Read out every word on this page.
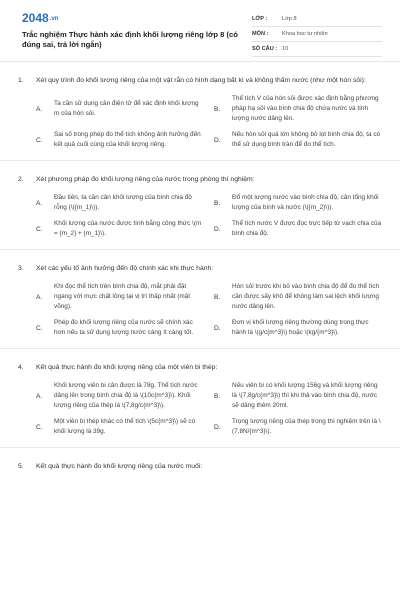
2048.vn
Trắc nghiệm Thực hành xác định khối lượng riêng lớp 8 (có đúng sai, trả lời ngắn)
LỚP :	Lớp 8
MÔN :	Khoa học tự nhiên
SỐ CÂU : 10
1.	Xét quy trình đo khối lượng riêng của một vật rắn có hình dạng bất kì và không thấm nước (như một hòn sỏi):
A.
Ta cần sử dụng cân điện tử để xác định khối lượng m của hòn sỏi.
B.
Thể tích V của hòn sỏi được xác định bằng phương pháp hạ sỏi vào bình chia độ chứa nước và tính lượng nước dâng lên.
C.
Sai số trong phép đo thể tích không ảnh hưởng đến kết quả cuối cùng của khối lượng riêng.
D.
Nếu hòn sỏi quá lớn không bỏ lọt bình chia độ, ta có thể sử dụng bình tràn để đo thể tích.
2.	Xét phương pháp đo khối lượng riêng của nước trong phòng thí nghiệm:
A.
Đầu tiên, ta cần cân khối lượng của bình chia độ rỗng (\({m_1}\)).
B.
Đổ một lượng nước vào bình chia độ, cân tổng khối lượng của bình và nước (\({m_2}\)).
C.
Khối lượng của nước được tính bằng công thức \(m = {m_2} + {m_1}\).
D.
Thể tích nước V được đọc trực tiếp từ vạch chia của bình chia độ.
3.	Xét các yếu tố ảnh hưởng đến độ chính xác khi thực hành:
A.
Khi đọc thể tích trên bình chia độ, mắt phải đặt ngang với mực chất lỏng tại vị trí thấp nhất (mặt võng).
B.
Hòn sỏi trước khi bỏ vào bình chia độ để đo thể tích cần được sấy khô để không làm sai lệch khối lượng nước dâng lên.
C.
Phép đo khối lượng riêng của nước sẽ chính xác hơn nếu ta sử dụng lượng nước càng ít càng tốt.
D.
Đơn vị khối lượng riêng thường dùng trong thực hành là \(g/c{m^3}\) hoặc \(kg/{m^3}\).
4.	Kết quả thực hành đo khối lượng riêng của một viên bi thép:
A.
Khối lượng viên bi cân được là 78g. Thể tích nước dâng lên trong bình chia độ là \(10c{m^3}\). Khối lượng riêng của thép là \(7,8g/c{m^3}\).
B.
Nếu viên bi có khối lượng 156g và khối lượng riêng là \(7,8g/c{m^3}\) thì khi thả vào bình chia độ, nước sẽ dâng thêm 20ml.
C.
Một viên bi thép khác có thể tích \(5c{m^3}\) sẽ có khối lượng là 39g.
D.
Trọng lượng riêng của thép trong thí nghiệm trên là \(7,8N/{m^3}\).
5.	Kết quả thực hành đo khối lượng riêng của nước muối:
